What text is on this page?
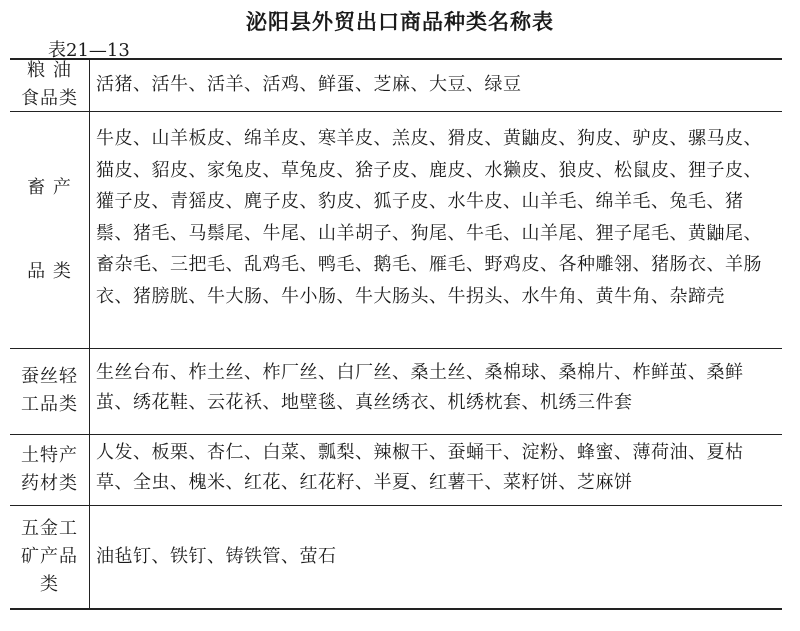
泌阳县外贸出口商品种类名称表
表21—13
粮 油
食品类
活猪、活牛、活羊、活鸡、鲜蛋、芝麻、大豆、绿豆
畜 产
品 类
牛皮、山羊板皮、绵羊皮、寒羊皮、羔皮、猾皮、黄鼬皮、狗皮、驴皮、骡马皮、猫皮、貂皮、家兔皮、草兔皮、猞子皮、鹿皮、水獭皮、狼皮、松鼠皮、狸子皮、獾子皮、青猺皮、麂子皮、豹皮、狐子皮、水牛皮、山羊毛、绵羊毛、兔毛、猪鬃、猪毛、马鬃尾、牛尾、山羊胡子、狗尾、牛毛、山羊尾、狸子尾毛、黄鼬尾、畜杂毛、三把毛、乱鸡毛、鸭毛、鹅毛、雁毛、野鸡皮、各种雕翎、猪肠衣、羊肠衣、猪膀胱、牛大肠、牛小肠、牛大肠头、牛拐头、水牛角、黄牛角、杂蹄壳
蚕丝轻
工品类
生丝台布、柞土丝、柞厂丝、白厂丝、桑土丝、桑棉球、桑棉片、柞鲜茧、桑鲜茧、绣花鞋、云花袄、地壁毯、真丝绣衣、机绣枕套、机绣三件套
土特产
药材类
人发、板栗、杏仁、白菜、瓢梨、辣椒干、蚕蛹干、淀粉、蜂蜜、薄荷油、夏枯草、全虫、槐米、红花、红花籽、半夏、红薯干、菜籽饼、芝麻饼
五金工
矿产品
类
油毡钉、铁钉、铸铁管、萤石
